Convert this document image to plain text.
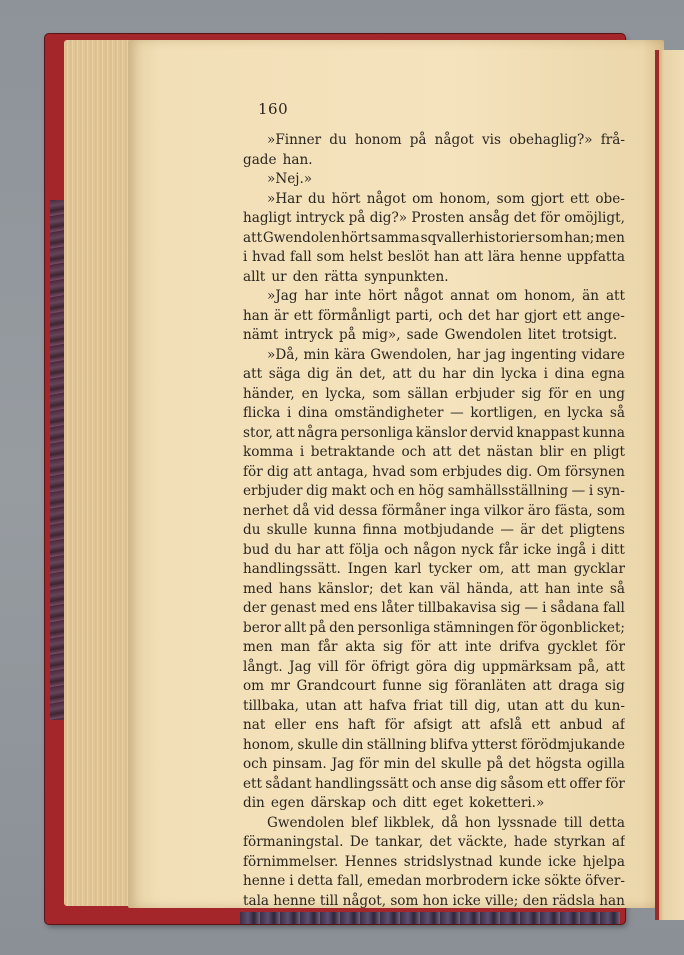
160
»Finner du honom på något vis obehaglig?» frå-
gade han.
»Nej.»
»Har du hört något om honom, som gjort ett obe-
hagligt intryck på dig?» Prosten ansåg det för omöjligt,
att Gwendolen hört samma sqvallerhistorier som han; men
i hvad fall som helst beslöt han att lära henne uppfatta
allt ur den rätta synpunkten.
»Jag har inte hört något annat om honom, än att
han är ett förmånligt parti, och det har gjort ett ange-
nämt intryck på mig», sade Gwendolen litet trotsigt.
»Då, min kära Gwendolen, har jag ingenting vidare
att säga dig än det, att du har din lycka i dina egna
händer, en lycka, som sällan erbjuder sig för en ung
flicka i dina omständigheter — kortligen, en lycka så
stor, att några personliga känslor dervid knappast kunna
komma i betraktande och att det nästan blir en pligt
för dig att antaga, hvad som erbjudes dig. Om försynen
erbjuder dig makt och en hög samhällsställning — i syn-
nerhet då vid dessa förmåner inga vilkor äro fästa, som
du skulle kunna finna motbjudande — är det pligtens
bud du har att följa och någon nyck får icke ingå i ditt
handlingssätt. Ingen karl tycker om, att man gycklar
med hans känslor; det kan väl hända, att han inte så
der genast med ens låter tillbakavisa sig — i sådana fall
beror allt på den personliga stämningen för ögonblicket;
men man får akta sig för att inte drifva gycklet för
långt. Jag vill för öfrigt göra dig uppmärksam på, att
om mr Grandcourt funne sig föranläten att draga sig
tillbaka, utan att hafva friat till dig, utan att du kun-
nat eller ens haft för afsigt att afslå ett anbud af
honom, skulle din ställning blifva ytterst förödmjukande
och pinsam. Jag för min del skulle på det högsta ogilla
ett sådant handlingssätt och anse dig såsom ett offer för
din egen därskap och ditt eget koketteri.»
Gwendolen blef likblek, då hon lyssnade till detta
förmaningstal. De tankar, det väckte, hade styrkan af
förnimmelser. Hennes stridslystnad kunde icke hjelpa
henne i detta fall, emedan morbrodern icke sökte öfver-
tala henne till något, som hon icke ville; den rädsla han
